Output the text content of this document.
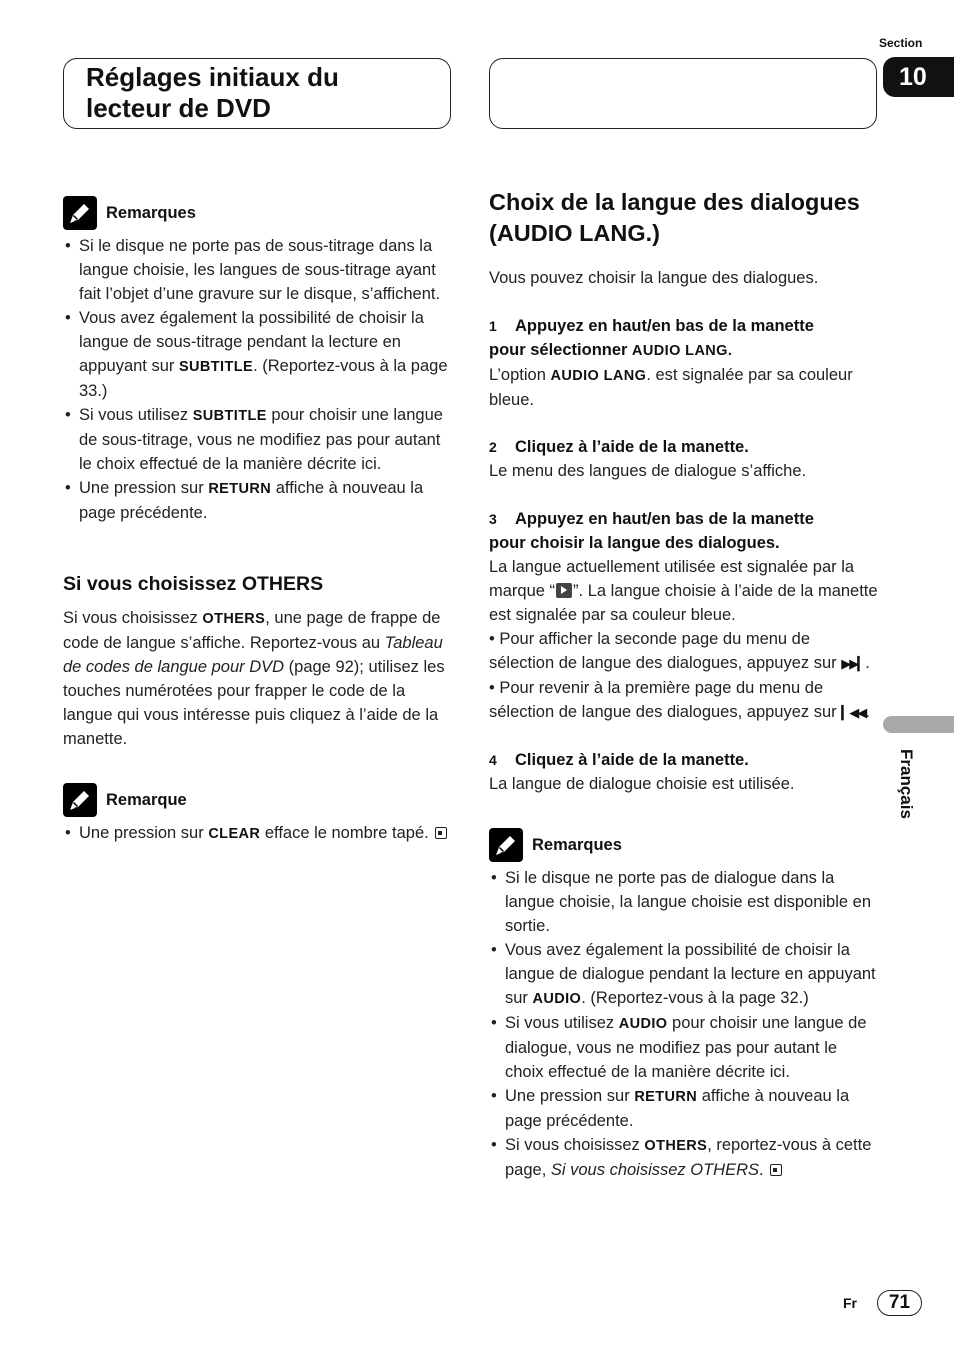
Réglages initiaux du
lecteur de DVD
Section
10
Français
Remarques
• Si le disque ne porte pas de sous-titrage dans la langue choisie, les langues de sous-titrage ayant fait l’objet d’une gravure sur le disque, s’affichent.
• Vous avez également la possibilité de choisir la langue de sous-titrage pendant la lecture en appuyant sur SUBTITLE. (Reportez-vous à la page 33.)
• Si vous utilisez SUBTITLE pour choisir une langue de sous-titrage, vous ne modifiez pas pour autant le choix effectué de la manière décrite ici.
• Une pression sur RETURN affiche à nouveau la page précédente.
Si vous choisissez OTHERS

Si vous choisissez OTHERS, une page de frappe de code de langue s’affiche. Reportez-vous au Tableau de codes de langue pour DVD (page 92); utilisez les touches numérotées pour frapper le code de la langue qui vous intéresse puis cliquez à l’aide de la manette.

Remarque
• Une pression sur CLEAR efface le nombre tapé.
Choix de la langue des dialogues
(AUDIO LANG.)

Vous pouvez choisir la langue des dialogues.

1 Appuyez en haut/en bas de la manette
pour sélectionner AUDIO LANG.

L’option AUDIO LANG. est signalée par sa couleur bleue.

2 Cliquez à l’aide de la manette.

Le menu des langues de dialogue s’affiche.

3 Appuyez en haut/en bas de la manette
pour choisir la langue des dialogues.

La langue actuellement utilisée est signalée par la marque “ ”. La langue choisie à l’aide de la manette est signalée par sa couleur bleue.

• Pour afficher la seconde page du menu de sélection de langue des dialogues, appuyez sur ▶▶▎.

• Pour revenir à la première page du menu de sélection de langue des dialogues, appuyez sur ▎◀◀.

4 Cliquez à l’aide de la manette.

La langue de dialogue choisie est utilisée.

Remarques
• Si le disque ne porte pas de dialogue dans la langue choisie, la langue choisie est disponible en sortie.
• Vous avez également la possibilité de choisir la langue de dialogue pendant la lecture en appuyant sur AUDIO. (Reportez-vous à la page 32.)
• Si vous utilisez AUDIO pour choisir une langue de dialogue, vous ne modifiez pas pour autant le choix effectué de la manière décrite ici.
• Une pression sur RETURN affiche à nouveau la page précédente.
• Si vous choisissez OTHERS, reportez-vous à cette page, Si vous choisissez OTHERS.
Fr	71
